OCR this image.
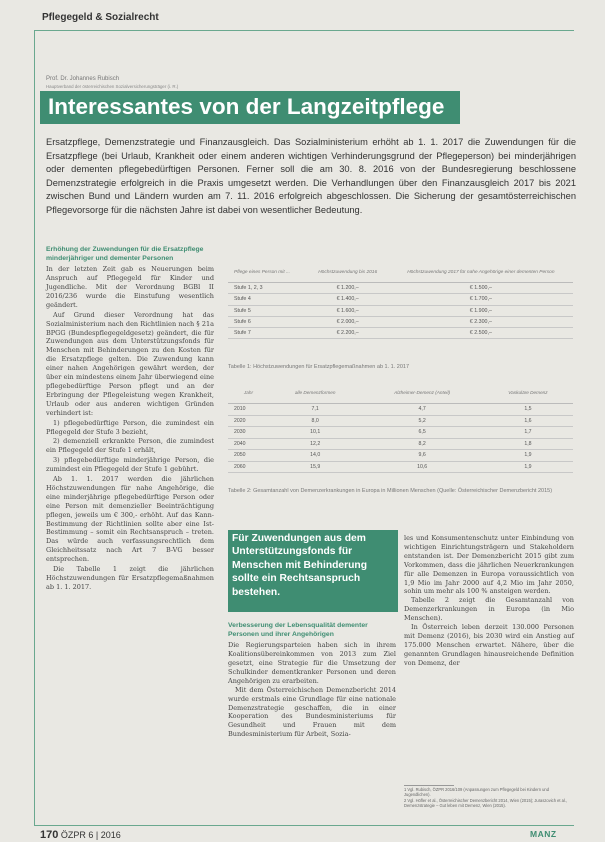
Pflegegeld & Sozialrecht
Prof. Dr. Johannes Rubisch
Hauptverband der österreichischen Sozialversicherungsträger (i. R.)
Interessantes von der Langzeitpflege
Ersatzpflege, Demenzstrategie und Finanzausgleich. Das Sozialministerium erhöht ab 1. 1. 2017 die Zuwendungen für die Ersatzpflege (bei Urlaub, Krankheit oder einem anderen wichtigen Verhinderungsgrund der Pflegeperson) bei minderjährigen oder dementen pflegebedürftigen Personen. Ferner soll die am 30. 8. 2016 von der Bundesregierung beschlossene Demenzstrategie erfolgreich in die Praxis umgesetzt werden. Die Verhandlungen über den Finanzausgleich 2017 bis 2021 zwischen Bund und Ländern wurden am 7. 11. 2016 erfolgreich abgeschlossen. Die Sicherung der gesamtösterreichischen Pflegevorsorge für die nächsten Jahre ist dabei von wesentlicher Bedeutung.
Erhöhung der Zuwendungen für die Ersatzpflege minderjähriger und dementer Personen

In der letzten Zeit gab es Neuerungen beim Anspruch auf Pflegegeld für Kinder und Jugendliche. Mit der Verordnung BGBl II 2016/236 wurde die Einstufung wesentlich geändert.

Auf Grund dieser Verordnung hat das Sozialministerium nach den Richtlinien nach § 21a BPGG (Bundespflegegeldgesetz) geändert, die für Zuwendungen aus dem Unterstützungsfonds für Menschen mit Behinderungen zu den Kosten für die Ersatzpflege gelten. Die Zuwendung kann einer nahen Angehörigen gewährt werden, der über ein mindestens einem Jahr überwiegend eine pflegebedürftige Person pflegt und an der Erbringung der Pflegeleistung wegen Krankheit, Urlaub oder aus anderen wichtigen Gründen verhindert ist:

1) pflegebedürftige Person, die zumindest ein Pflegegeld der Stufe 3 bezieht,

2) demenziell erkrankte Person, die zumindest ein Pflegegeld der Stufe 1 erhält,

3) pflegebedürftige minderjährige Person, die zumindest ein Pflegegeld der Stufe 1 gebührt.

Ab 1. 1. 2017 werden die jährlichen Höchstzuwendungen für nahe Angehörige, die eine minderjährige pflegebedürftige Person oder eine Person mit demenzieller Beeinträchtigung pflegen, jeweils um € 300,- erhöht. Auf das Kann-Bestimmung der Richtlinien sollte aber eine Ist-Bestimmung – somit ein Rechtsanspruch – treten. Das würde auch verfassungsrechtlich dem Gleichheitssatz nach Art 7 B-VG besser entsprechen.

Die Tabelle 1 zeigt die jährlichen Höchstzuwendungen für Ersatzpflegemaßnahmen ab 1. 1. 2017.

Pflege eines Person mit ...	Höchstzuwendung bis 2016	Höchstzuwendung 2017 für nahe Angehörige einer dementen Person
Stufe 1, 2, 3	€ 1.200,–	€ 1.500,–
Stufe 4	€ 1.400,–	€ 1.700,–
Stufe 5	€ 1.600,–	€ 1.900,–
Stufe 6	€ 2.000,–	€ 2.300,–
Stufe 7	€ 2.200,–	€ 2.500,–
Tabelle 1: Höchstzuwendungen für Ersatzpflegemaßnahmen ab 1. 1. 2017
Jahr	alle Demenzformen	Alzheimer-Demenz (Anteil)	Vaskuläre Demenz
2010	7,1	4,7	1,5
2020	8,0	5,2	1,6
2030	10,1	6,5	1,7
2040	12,2	8,2	1,8
2050	14,0	9,6	1,9
2060	15,9	10,6	1,9
Tabelle 2: Gesamtanzahl von Demenzerkrankungen in Europa in Millionen Menschen (Quelle: Österreichischer Demenzbericht 2015)
Für Zuwendungen aus dem Unterstützungsfonds für Menschen mit Behinderung sollte ein Rechtsanspruch bestehen.
Verbesserung der Lebensqualität dementer Personen und ihrer Angehörigen

Die Regierungsparteien haben sich in ihrem Koalitionsübereinkommen von 2013 zum Ziel gesetzt, eine Strategie für die Umsetzung der Schulkinder dementkranker Personen und deren Angehörigen zu erarbeiten.

Mit dem Österreichischen Demenzbericht 2014 wurde erstmals eine Grundlage für eine nationale Demenzstrategie geschaffen, die in einer Kooperation des Bundesministeriums für Gesundheit und Frauen mit dem Bundesministerium für Arbeit, Sozia-

les und Konsumentenschutz unter Einbindung von wichtigen Einrichtungsträgern und Stakeholdern entstanden ist. Der Demenzbericht 2015 gibt zum Vorkommen, dass die jährlichen Neuerkrankungen für alle Demenzen in Europa voraussichtlich von 1,9 Mio im Jahr 2000 auf 4,2 Mio im Jahr 2050, sohin um mehr als 100 % ansteigen werden.

Tabelle 2 zeigt die Gesamtanzahl von Demenzerkrankungen in Europa (in Mio Menschen).

In Österreich leben derzeit 130.000 Personen mit Demenz (2016), bis 2030 wird ein Anstieg auf 175.000 Menschen erwartet. Nähere, über die genannten Grundlagen hinausreichende Definition von Demenz, der

1 Vgl. Rubisch, ÖZPR 2016/109 (Anpassungen zum Pflegegeld bei Kindern und Jugendlichen).
2 Vgl. Höfler et al., Österreichischer Demenzbericht 2014, Wien (2015); Juraszovich et al., Demenzstrategie – Gut leben mit Demenz, Wien (2015).
170 ÖZPR 6 | 2016	MANZ
